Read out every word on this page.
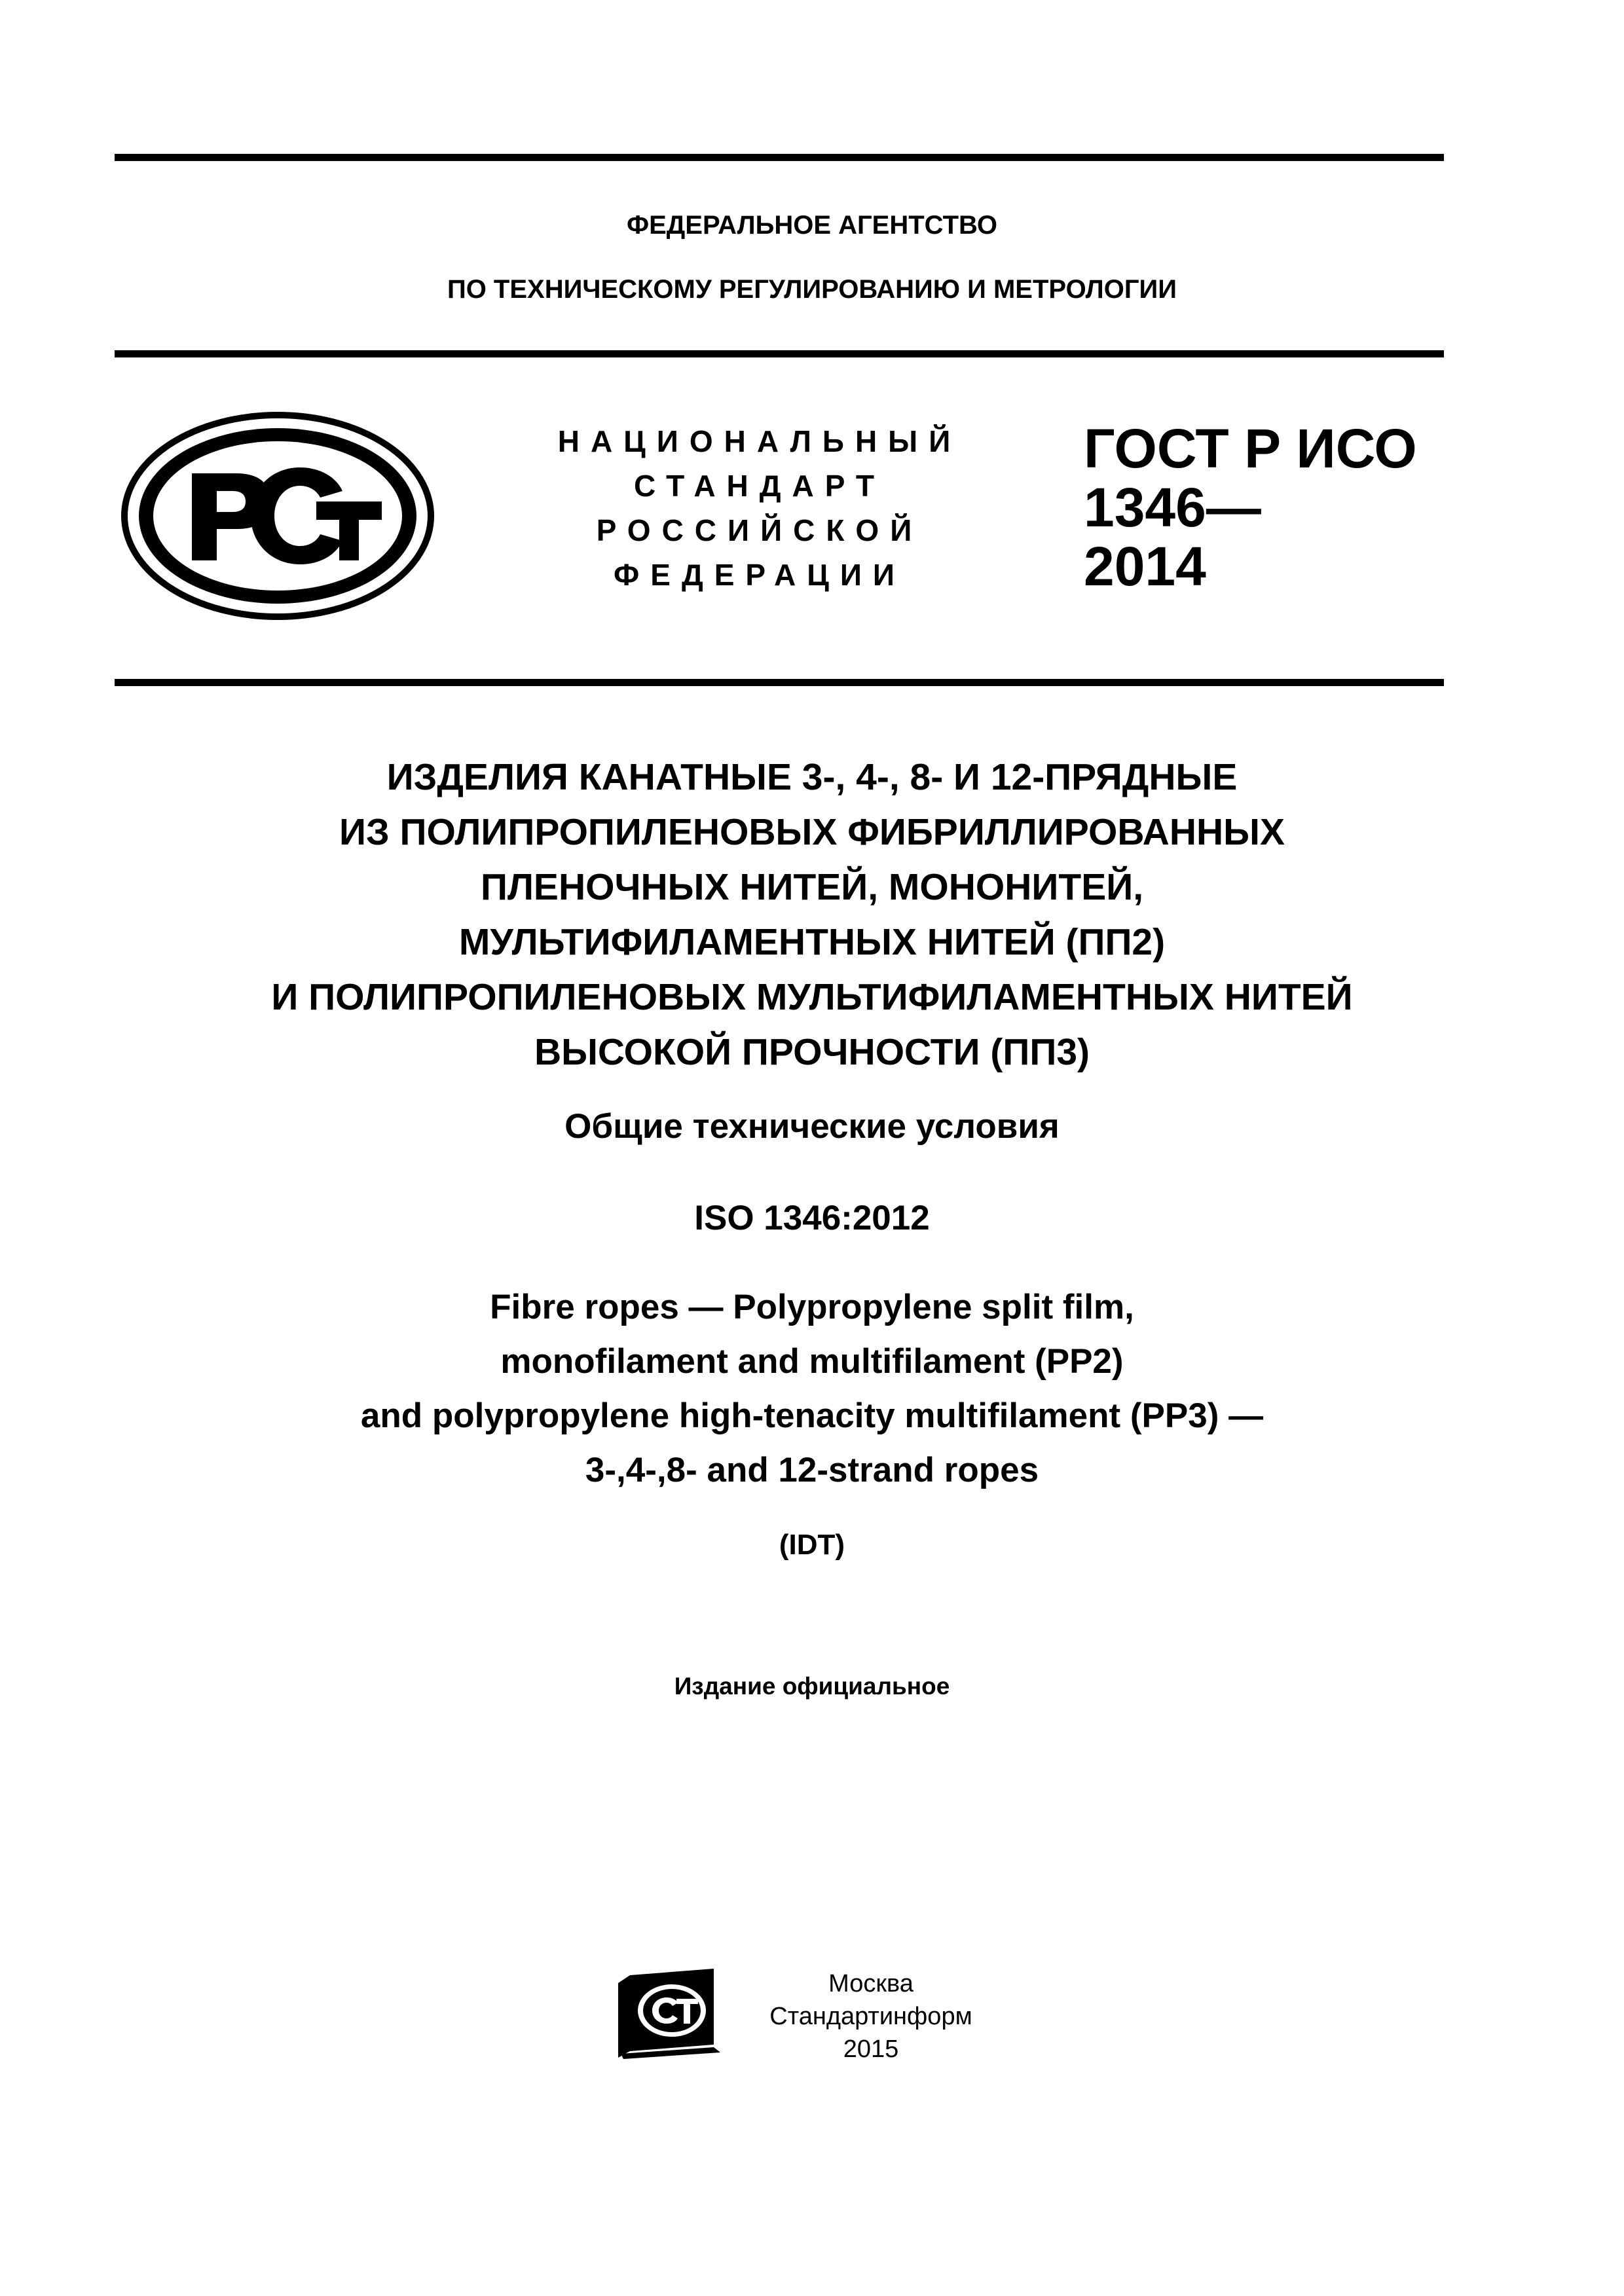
ФЕДЕРАЛЬНОЕ АГЕНТСТВО
ПО ТЕХНИЧЕСКОМУ РЕГУЛИРОВАНИЮ И МЕТРОЛОГИИ
НАЦИОНАЛЬНЫЙ
СТАНДАРТ
РОССИЙСКОЙ
ФЕДЕРАЦИИ
ГОСТ Р ИСО
1346—
2014
ИЗДЕЛИЯ КАНАТНЫЕ 3-, 4-, 8- И 12-ПРЯДНЫЕ
ИЗ ПОЛИПРОПИЛЕНОВЫХ ФИБРИЛЛИРОВАННЫХ
ПЛЕНОЧНЫХ НИТЕЙ, МОНОНИТЕЙ,
МУЛЬТИФИЛАМЕНТНЫХ НИТЕЙ (ПП2)
И ПОЛИПРОПИЛЕНОВЫХ МУЛЬТИФИЛАМЕНТНЫХ НИТЕЙ
ВЫСОКОЙ ПРОЧНОСТИ (ПП3)
Общие технические условия
ISO 1346:2012
Fibre ropes — Polypropylene split film,
monofilament and multifilament (PP2)
and polypropylene high-tenacity multifilament (PP3) —
3-,4-,8- and 12-strand ropes
(IDT)
Издание официальное
Москва
Стандартинформ
2015
